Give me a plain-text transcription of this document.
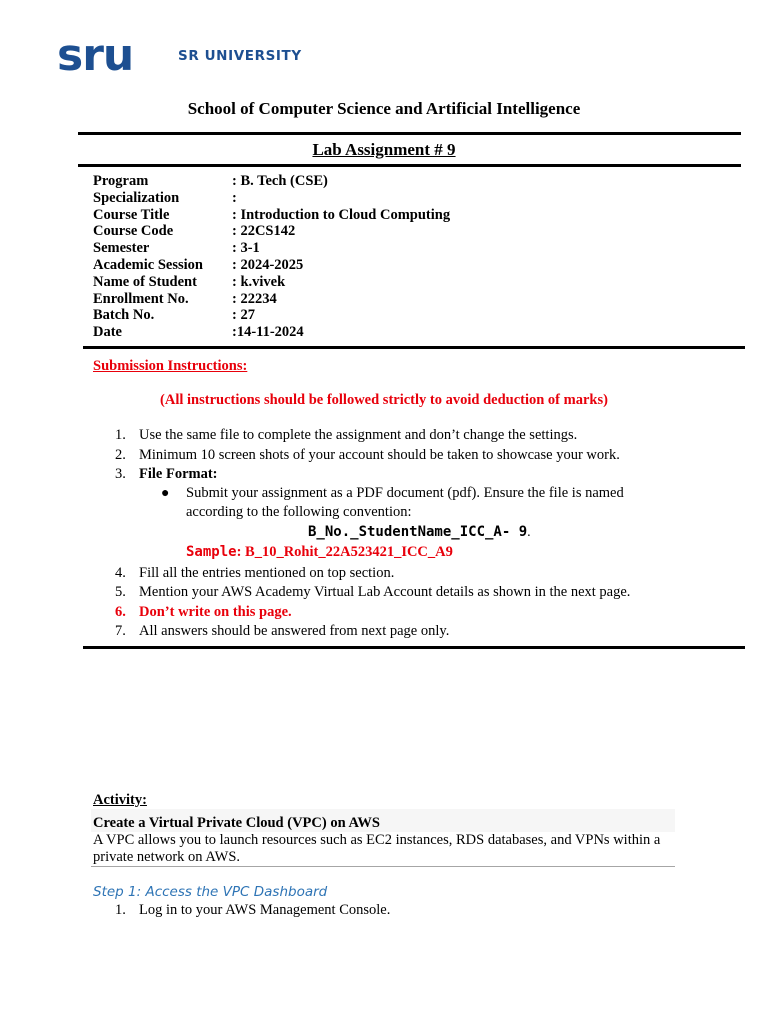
sru	SR UNIVERSITY
School of Computer Science and Artificial Intelligence
Lab Assignment # 9
Program	: B. Tech (CSE)
Specialization	:
Course Title	: Introduction to Cloud Computing
Course Code	: 22CS142
Semester	: 3-1
Academic Session : 2024-2025
Name of Student : k.vivek
Enrollment No.	: 22234
Batch No.	: 27
Date	:14-11-2024
Submission Instructions:
(All instructions should be followed strictly to avoid deduction of marks)
1. Use the same file to complete the assignment and don’t change the settings.
2. Minimum 10 screen shots of your account should be taken to showcase your work.
3. File Format:
● Submit your assignment as a PDF document (pdf). Ensure the file is named
according to the following convention:
B_No._StudentName_ICC_A- 9.
Sample: B_10_Rohit_22A523421_ICC_A9
4. Fill all the entries mentioned on top section.
5. Mention your AWS Academy Virtual Lab Account details as shown in the next page.
6. Don’t write on this page.
7. All answers should be answered from next page only.
Activity:
Create a Virtual Private Cloud (VPC) on AWS
A VPC allows you to launch resources such as EC2 instances, RDS databases, and VPNs within a private network on AWS.
Step 1: Access the VPC Dashboard
1. Log in to your AWS Management Console.
